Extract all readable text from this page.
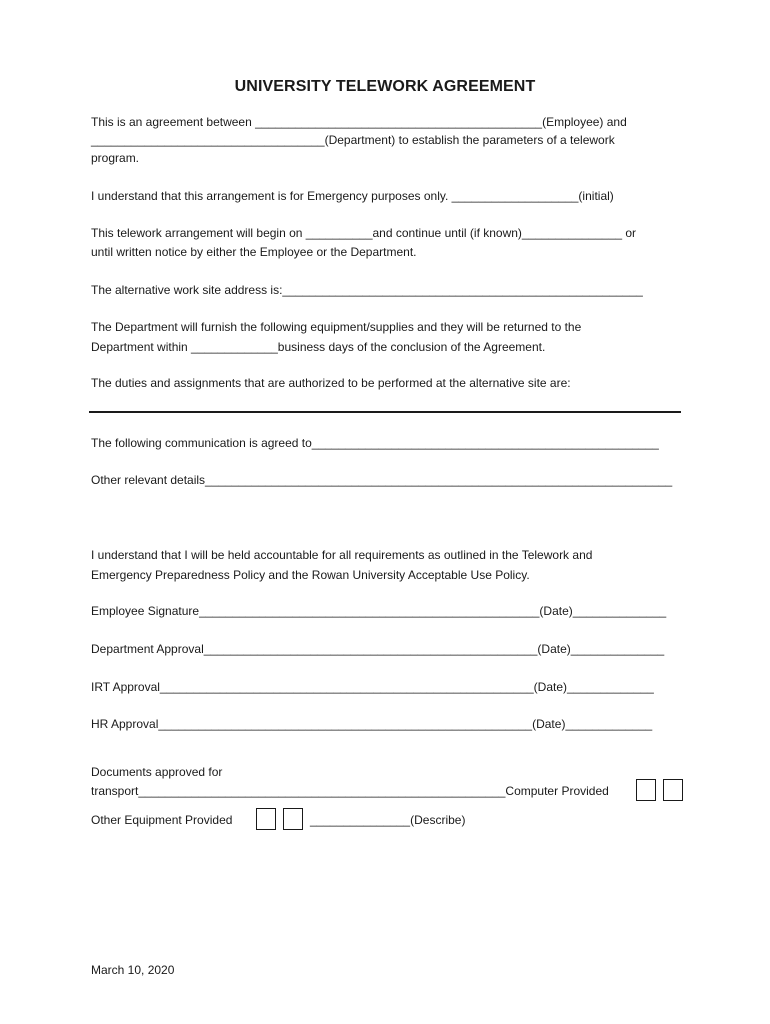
UNIVERSITY TELEWORK AGREEMENT
This is an agreement between ___________________________________________(Employee) and
___________________________________(Department) to establish the parameters of a telework
program.
I understand that this arrangement is for Emergency purposes only. ___________________(initial)
This telework arrangement will begin on __________and continue until (if known)_______________ or
until written notice by either the Employee or the Department.
The alternative work site address is:______________________________________________________
The Department will furnish the following equipment/supplies and they will be returned to the
Department within _____________business days of the conclusion of the Agreement.
The duties and assignments that are authorized to be performed at the alternative site are:
The following communication is agreed to____________________________________________________
Other relevant details______________________________________________________________________
I understand that I will be held accountable for all requirements as outlined in the Telework and
Emergency Preparedness Policy and the Rowan University Acceptable Use Policy.
Employee Signature___________________________________________________(Date)______________
Department Approval__________________________________________________(Date)______________
IRT Approval________________________________________________________(Date)_____________
HR Approval________________________________________________________(Date)_____________
Documents approved for
transport_______________________________________________________Computer Provided
Other Equipment Provided	_______________(Describe)
March 10, 2020
